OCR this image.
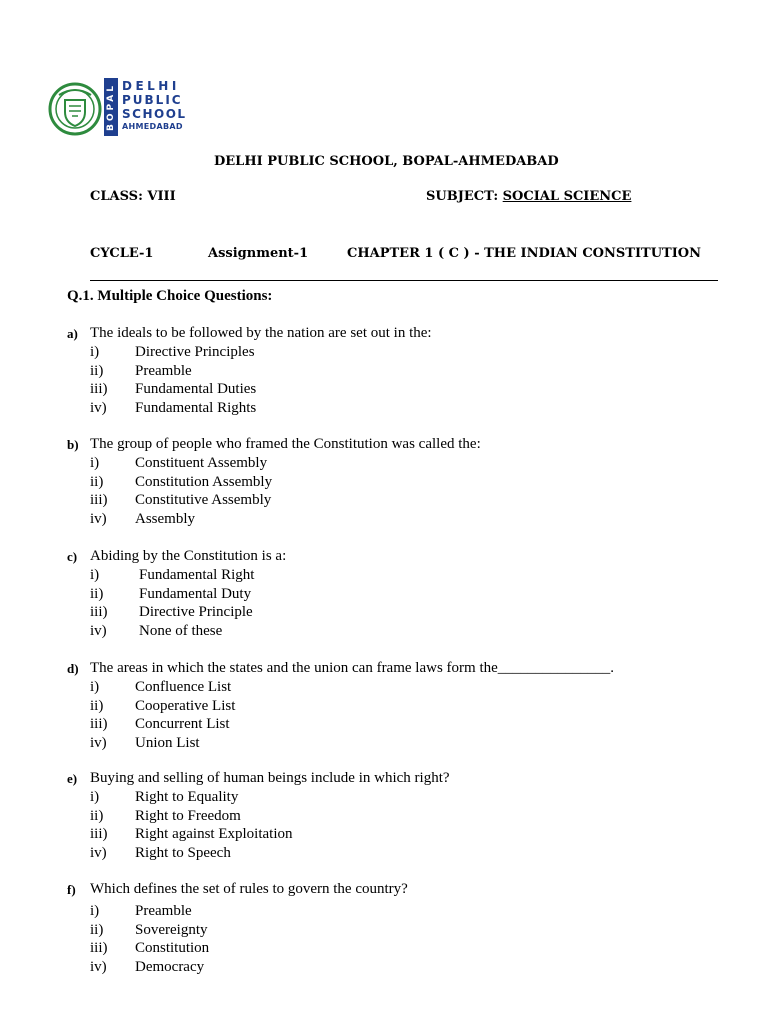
BOPAL DELHI
PUBLIC
SCHOOL
AHMEDABAD
DELHI PUBLIC SCHOOL, BOPAL-AHMEDABAD
CLASS: VIII	SUBJECT: SOCIAL SCIENCE
CYCLE-1	Assignment-1	CHAPTER 1 ( C ) - THE INDIAN CONSTITUTION
Q.1. Multiple Choice Questions:
a) The ideals to be followed by the nation are set out in the:
i) Directive Principles
ii) Preamble
iii) Fundamental Duties
iv) Fundamental Rights
b) The group of people who framed the Constitution was called the:
i) Constituent Assembly
ii) Constitution Assembly
iii) Constitutive Assembly
iv) Assembly
c) Abiding by the Constitution is a:
i)	Fundamental Right
ii) Fundamental Duty
iii) Directive Principle
iv) None of these
d) The areas in which the states and the union can frame laws form the_______________.
i) Confluence List
ii) Cooperative List
iii) Concurrent List
iv) Union List
e) Buying and selling of human beings include in which right?
i) Right to Equality
ii) Right to Freedom
iii) Right against Exploitation
iv) Right to Speech
f) Which defines the set of rules to govern the country?
i) Preamble
ii) Sovereignty
iii) Constitution
iv) Democracy
